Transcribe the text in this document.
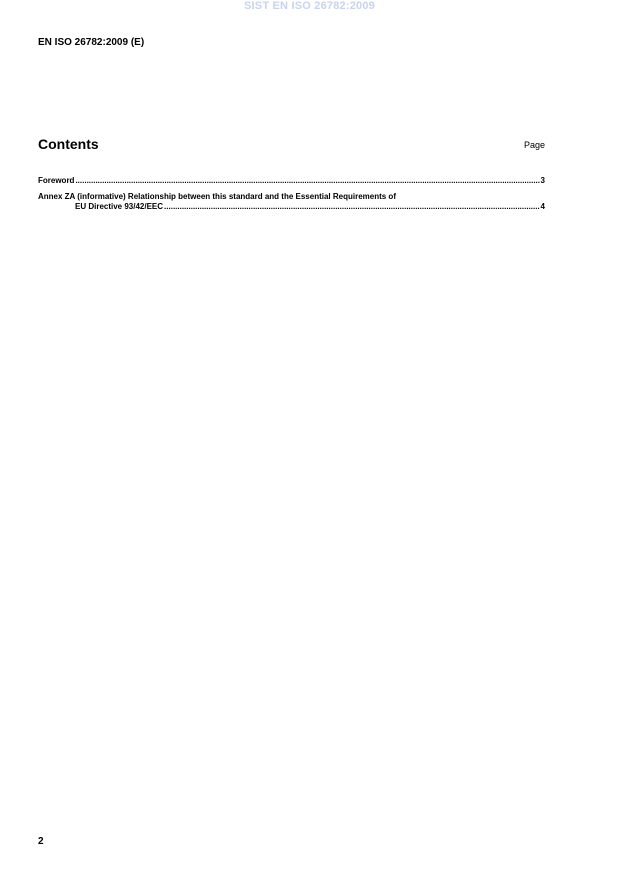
SIST EN ISO 26782:2009
EN ISO 26782:2009 (E)
Contents	Page
Foreword .....	3
Annex ZA (informative) Relationship between this standard and the Essential Requirements of
EU Directive 93/42/EEC .....	4
2
